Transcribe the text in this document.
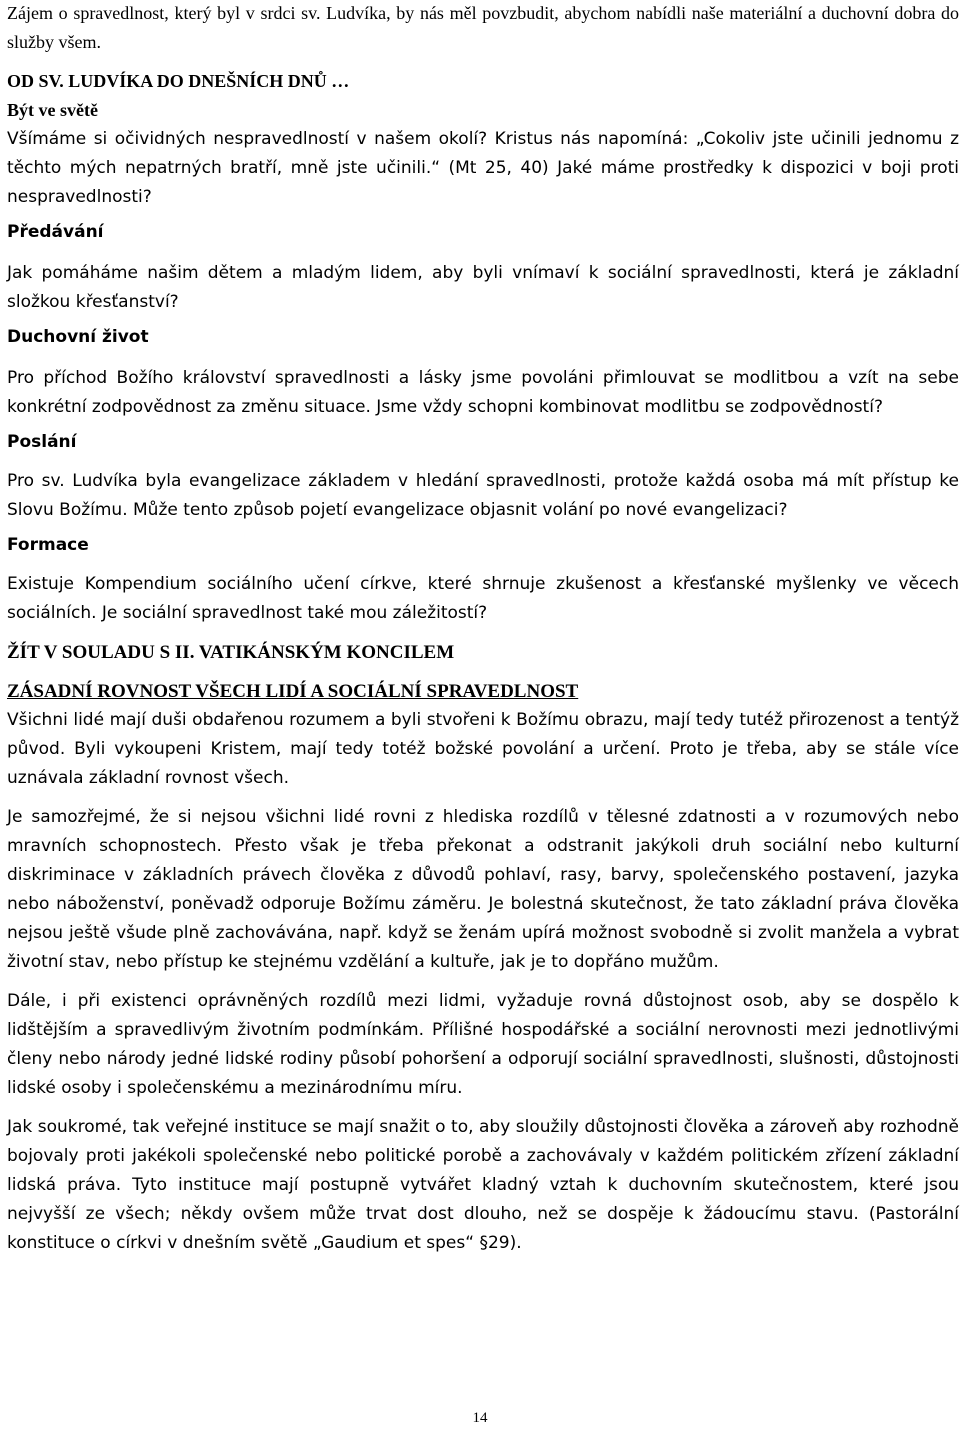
Zájem o spravedlnost, který byl v srdci sv. Ludvíka, by nás měl povzbudit, abychom nabídli naše materiální a duchovní dobra do služby všem.

OD SV. LUDVÍKA DO DNEŠNÍCH DNŮ …

Být ve světě

Všímáme si očividných nespravedlností v našem okolí? Kristus nás napomíná: „Cokoliv jste učinili jednomu z těchto mých nepatrných bratří, mně jste učinili.“ (Mt 25, 40) Jaké máme prostředky k dispozici v boji proti nespravedlnosti?

Předávání

Jak pomáháme našim dětem a mladým lidem, aby byli vnímaví k sociální spravedlnosti, která je základní složkou křesťanství?

Duchovní život

Pro příchod Božího království spravedlnosti a lásky jsme povoláni přimlouvat se modlitbou a vzít na sebe konkrétní zodpovědnost za změnu situace. Jsme vždy schopni kombinovat modlitbu se zodpovědností?

Poslání

Pro sv. Ludvíka byla evangelizace základem v hledání spravedlnosti, protože každá osoba má mít přístup ke Slovu Božímu. Může tento způsob pojetí evangelizace objasnit volání po nové evangelizaci?

Formace

Existuje Kompendium sociálního učení církve, které shrnuje zkušenost a křesťanské myšlenky ve věcech sociálních. Je sociální spravedlnost také mou záležitostí?

ŽÍT V SOULADU S II. VATIKÁNSKÝM KONCILEM

ZÁSADNÍ ROVNOST VŠECH LIDÍ A SOCIÁLNÍ SPRAVEDLNOST

Všichni lidé mají duši obdařenou rozumem a byli stvořeni k Božímu obrazu, mají tedy tutéž přirozenost a tentýž původ. Byli vykoupeni Kristem, mají tedy totéž božské povolání a určení. Proto je třeba, aby se stále více uznávala základní rovnost všech.

Je samozřejmé, že si nejsou všichni lidé rovni z hlediska rozdílů v tělesné zdatnosti a v rozumových nebo mravních schopnostech. Přesto však je třeba překonat a odstranit jakýkoli druh sociální nebo kulturní diskriminace v základních právech člověka z důvodů pohlaví, rasy, barvy, společenského postavení, jazyka nebo náboženství, poněvadž odporuje Božímu záměru. Je bolestná skutečnost, že tato základní práva člověka nejsou ještě všude plně zachovávána, např. když se ženám upírá možnost svobodně si zvolit manžela a vybrat životní stav, nebo přístup ke stejnému vzdělání a kultuře, jak je to dopřáno mužům.

Dále, i při existenci oprávněných rozdílů mezi lidmi, vyžaduje rovná důstojnost osob, aby se dospělo k lidštějším a spravedlivým životním podmínkám. Přílišné hospodářské a sociální nerovnosti mezi jednotlivými členy nebo národy jedné lidské rodiny působí pohoršení a odporují sociální spravedlnosti, slušnosti, důstojnosti lidské osoby i společenskému a mezinárodnímu míru.

Jak soukromé, tak veřejné instituce se mají snažit o to, aby sloužily důstojnosti člověka a zároveň aby rozhodně bojovaly proti jakékoli společenské nebo politické porobě a zachovávaly v každém politickém zřízení základní lidská práva. Tyto instituce mají postupně vytvářet kladný vztah k duchovním skutečnostem, které jsou nejvyšší ze všech; někdy ovšem může trvat dost dlouho, než se dospěje k žádoucímu stavu. (Pastorální konstituce o církvi v dnešním světě „Gaudium et spes“ §29).

14
